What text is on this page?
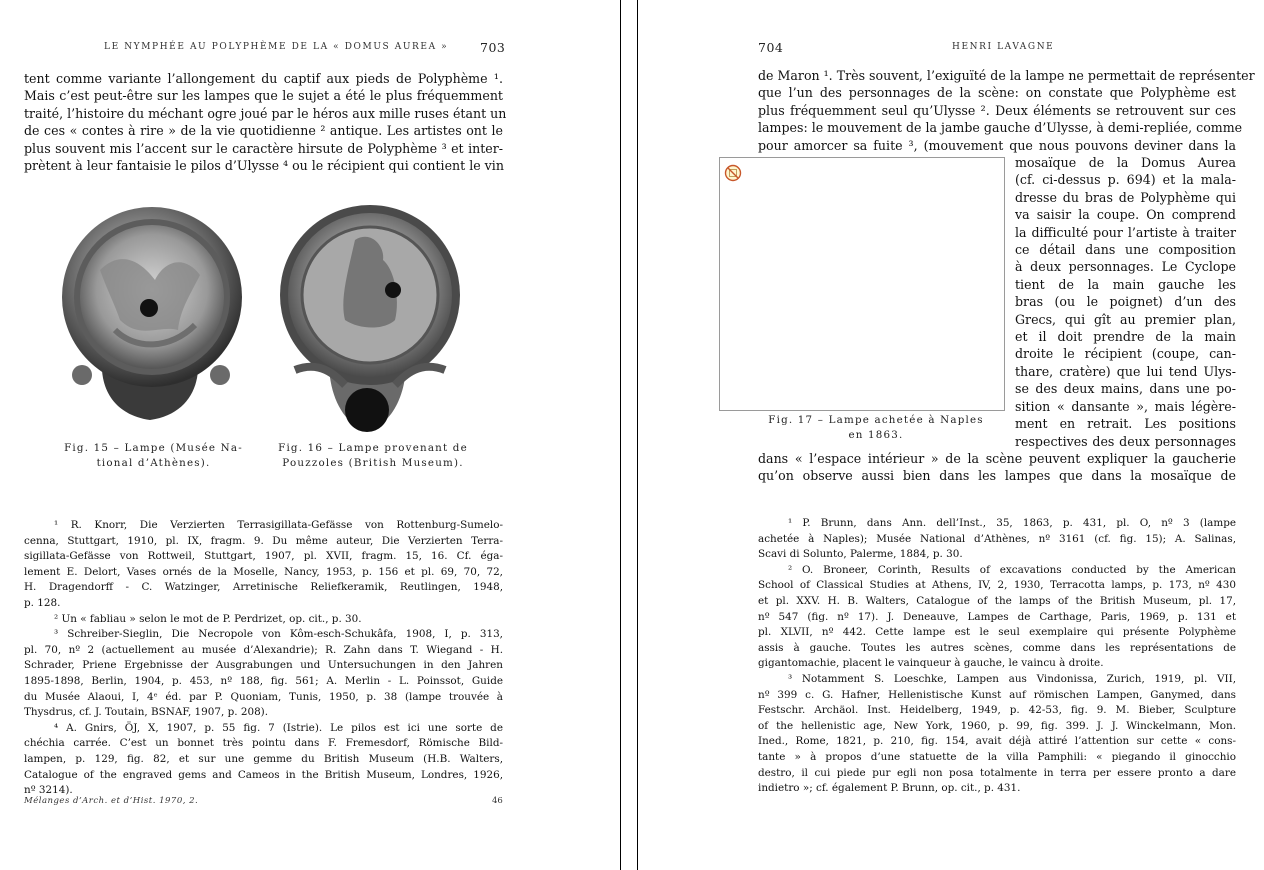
LE NYMPHÉE AU POLYPHÈME DE LA « DOMUS AUREA »	703
tent comme variante l’allongement du captif aux pieds de Polyphème ¹.
Mais c’est peut-être sur les lampes que le sujet a été le plus fréquemment
traité, l’histoire du méchant ogre joué par le héros aux mille ruses étant un
de ces « contes à rire » de la vie quotidienne ² antique. Les artistes ont le
plus souvent mis l’accent sur le caractère hirsute de Polyphème ³ et inter-
prètent à leur fantaisie le pilos d’Ulysse ⁴ ou le récipient qui contient le vin
Fig. 15 – Lampe (Musée Na-
tional d’Athènes).
Fig. 16 – Lampe provenant de
Pouzzoles (British Museum).
¹ R. Knorr, Die Verzierten Terrasigillata-Gefässe von Rottenburg-Sumelo-
cenna, Stuttgart, 1910, pl. IX, fragm. 9. Du même auteur, Die Verzierten Terra-
sigillata-Gefässe von Rottweil, Stuttgart, 1907, pl. XVII, fragm. 15, 16. Cf. éga-
lement E. Delort, Vases ornés de la Moselle, Nancy, 1953, p. 156 et pl. 69, 70, 72,
H. Dragendorff - C. Watzinger, Arretinische Reliefkeramik, Reutlingen, 1948,
p. 128.
² Un « fabliau » selon le mot de P. Perdrizet, op. cit., p. 30.
³ Schreiber-Sieglin, Die Necropole von Kôm-esch-Schukâfa, 1908, I, p. 313,
pl. 70, nº 2 (actuellement au musée d’Alexandrie); R. Zahn dans T. Wiegand - H.
Schrader, Priene Ergebnisse der Ausgrabungen und Untersuchungen in den Jahren
1895-1898, Berlin, 1904, p. 453, nº 188, fig. 561; A. Merlin - L. Poinssot, Guide
du Musée Alaoui, I, 4ᵉ éd. par P. Quoniam, Tunis, 1950, p. 38 (lampe trouvée à
Thysdrus, cf. J. Toutain, BSNAF, 1907, p. 208).
⁴ A. Gnirs, ÖJ, X, 1907, p. 55 fig. 7 (Istrie). Le pilos est ici une sorte de
chéchia carrée. C’est un bonnet très pointu dans F. Fremesdorf, Römische Bild-
lampen, p. 129, fig. 82, et sur une gemme du British Museum (H.B. Walters,
Catalogue of the engraved gems and Cameos in the British Museum, Londres, 1926,
nº 3214).
Mélanges d’Arch. et d’Hist. 1970, 2.	46
704	HENRI LAVAGNE
de Maron ¹. Très souvent, l’exiguïté de la lampe ne permettait de représenter
que l’un des personnages de la scène: on constate que Polyphème est
plus fréquemment seul qu’Ulysse ². Deux éléments se retrouvent sur ces
lampes: le mouvement de la jambe gauche d’Ulysse, à demi-repliée, comme
pour amorcer sa fuite ³, (mouvement que nous pouvons deviner dans la
Fig. 17 – Lampe achetée à Naples
en 1863.
mosaïque de la Domus Aurea
(cf. ci-dessus p. 694) et la mala-
dresse du bras de Polyphème qui
va saisir la coupe. On comprend
la difficulté pour l’artiste à traiter
ce détail dans une composition
à deux personnages. Le Cyclope
tient de la main gauche les
bras (ou le poignet) d’un des
Grecs, qui gît au premier plan,
et il doit prendre de la main
droite le récipient (coupe, can-
thare, cratère) que lui tend Ulys-
se des deux mains, dans une po-
sition « dansante », mais légère-
ment en retrait. Les positions
respectives des deux personnages
dans « l’espace intérieur » de la scène peuvent expliquer la gaucherie
qu’on observe aussi bien dans les lampes que dans la mosaïque de
¹ P. Brunn, dans Ann. dell’Inst., 35, 1863, p. 431, pl. O, nº 3 (lampe
achetée à Naples); Musée National d’Athènes, nº 3161 (cf. fig. 15); A. Salinas,
Scavi di Solunto, Palerme, 1884, p. 30.
² O. Broneer, Corinth, Results of excavations conducted by the American
School of Classical Studies at Athens, IV, 2, 1930, Terracotta lamps, p. 173, nº 430
et pl. XXV. H. B. Walters, Catalogue of the lamps of the British Museum, pl. 17,
nº 547 (fig. nº 17). J. Deneauve, Lampes de Carthage, Paris, 1969, p. 131 et
pl. XLVII, nº 442. Cette lampe est le seul exemplaire qui présente Polyphème
assis à gauche. Toutes les autres scènes, comme dans les représentations de
gigantomachie, placent le vainqueur à gauche, le vaincu à droite.
³ Notamment S. Loeschke, Lampen aus Vindonissa, Zurich, 1919, pl. VII,
nº 399 c. G. Hafner, Hellenistische Kunst auf römischen Lampen, Ganymed, dans
Festschr. Archäol. Inst. Heidelberg, 1949, p. 42-53, fig. 9. M. Bieber, Sculpture
of the hellenistic age, New York, 1960, p. 99, fig. 399. J. J. Winckelmann, Mon.
Ined., Rome, 1821, p. 210, fig. 154, avait déjà attiré l’attention sur cette « cons-
tante » à propos d’une statuette de la villa Pamphili: « piegando il ginocchio
destro, il cui piede pur egli non posa totalmente in terra per essere pronto a dare
indietro »; cf. également P. Brunn, op. cit., p. 431.
